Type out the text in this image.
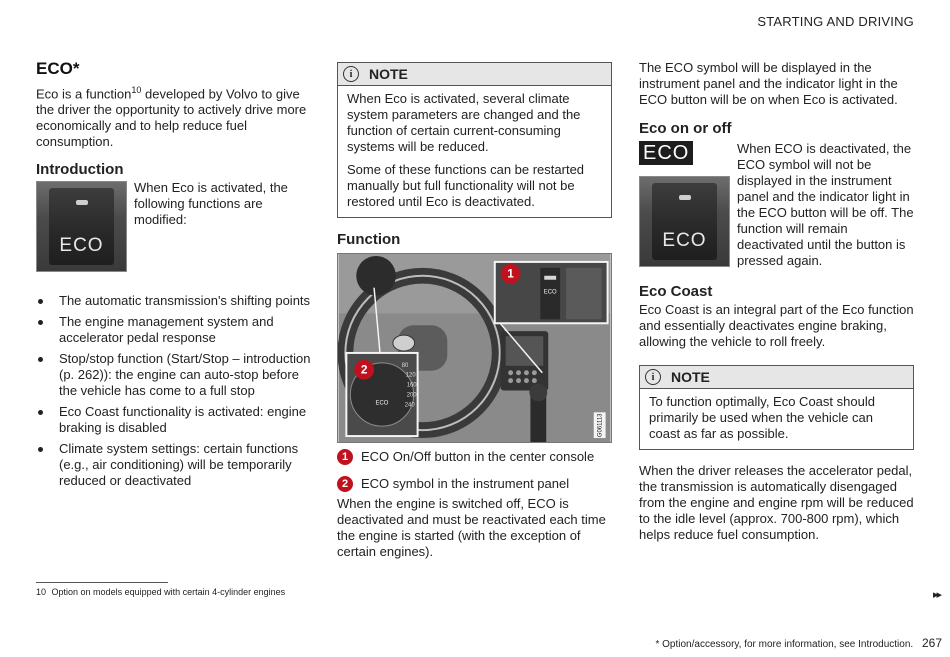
STARTING AND DRIVING
ECO*

Eco is a function$^{10}$ developed by Volvo to give the driver the opportunity to actively drive more economically and to help reduce fuel consumption.

Introduction
ECO

When Eco is activated, the following functions are modified:

The automatic transmission's shifting points
The engine management system and accelerator pedal response
Stop/stop function (Start/Stop – introduction (p. 262)): the engine can auto-stop before the vehicle has come to a full stop
Eco Coast functionality is activated: engine braking is disabled
Climate system settings: certain functions (e.g., air conditioning) will be temporarily reduced or deactivated
i	NOTE

When Eco is activated, several climate system parameters are changed and the function of certain current-consuming systems will be reduced.

Some of these functions can be restarted manually but full functionality will not be restored until Eco is deactivated.

Function
ECO
1
80
120
160
200
240
ECO
2
G061113
1 ECO On/Off button in the center console
2 ECO symbol in the instrument panel

When the engine is switched off, ECO is deactivated and must be reactivated each time the engine is started (with the exception of certain engines).

The ECO symbol will be displayed in the instrument panel and the indicator light in the ECO button will be on when Eco is activated.

Eco on or off
ECO
ECO

When ECO is deactivated, the ECO symbol will not be displayed in the instrument panel and the indicator light in the ECO button will be off. The function will remain deactivated until the button is pressed again.

Eco Coast

Eco Coast is an integral part of the Eco function and essentially deactivates engine braking, allowing the vehicle to roll freely.

i	NOTE

To function optimally, Eco Coast should primarily be used when the vehicle can coast as far as possible.

When the driver releases the accelerator pedal, the transmission is automatically disengaged from the engine and engine rpm will be reduced to the idle level (approx. 700-800 rpm), which helps reduce fuel consumption.

10 Option on models equipped with certain 4-cylinder engines	▸▸
* Option/accessory, for more information, see Introduction. 267
